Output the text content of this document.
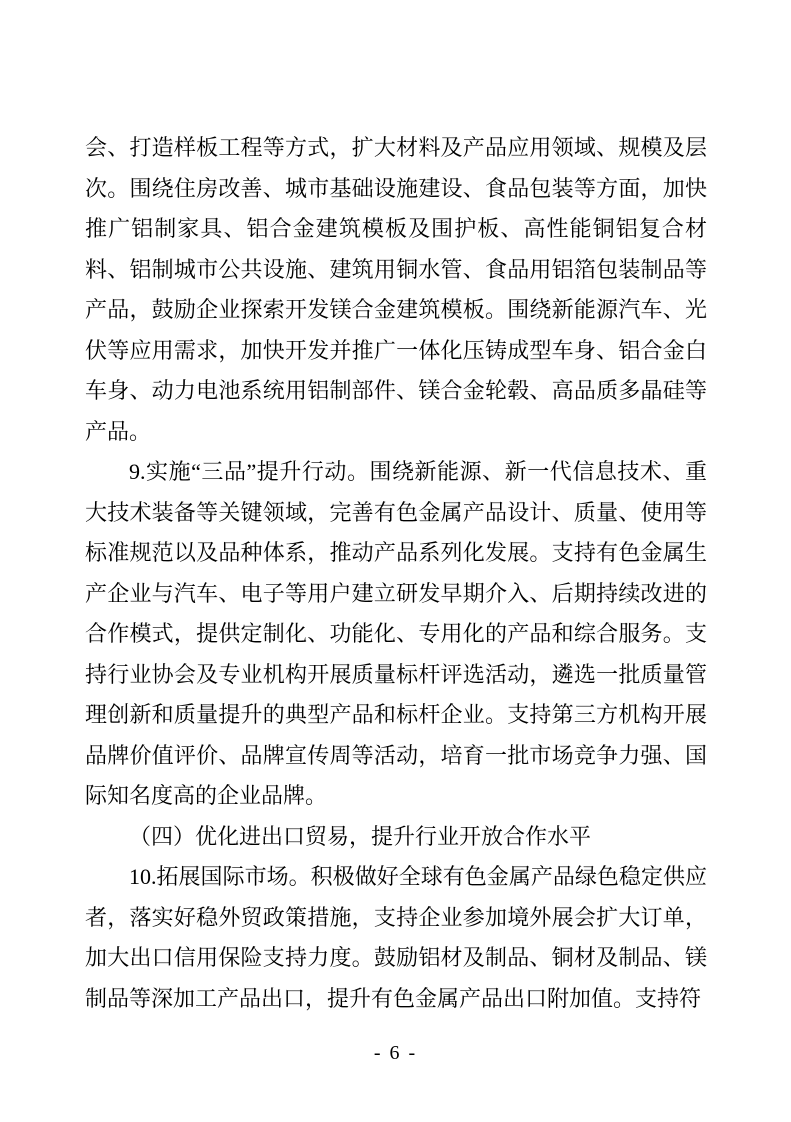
会、打造样板工程等方式，扩大材料及产品应用领域、规模及层次。围绕住房改善、城市基础设施建设、食品包装等方面，加快推广铝制家具、铝合金建筑模板及围护板、高性能铜铝复合材料、铝制城市公共设施、建筑用铜水管、食品用铝箔包装制品等产品，鼓励企业探索开发镁合金建筑模板。围绕新能源汽车、光伏等应用需求，加快开发并推广一体化压铸成型车身、铝合金白车身、动力电池系统用铝制部件、镁合金轮毂、高品质多晶硅等产品。

9.实施“三品”提升行动。围绕新能源、新一代信息技术、重大技术装备等关键领域，完善有色金属产品设计、质量、使用等标准规范以及品种体系，推动产品系列化发展。支持有色金属生产企业与汽车、电子等用户建立研发早期介入、后期持续改进的合作模式，提供定制化、功能化、专用化的产品和综合服务。支持行业协会及专业机构开展质量标杆评选活动，遴选一批质量管理创新和质量提升的典型产品和标杆企业。支持第三方机构开展品牌价值评价、品牌宣传周等活动，培育一批市场竞争力强、国际知名度高的企业品牌。

（四）优化进出口贸易，提升行业开放合作水平

10.拓展国际市场。积极做好全球有色金属产品绿色稳定供应者，落实好稳外贸政策措施，支持企业参加境外展会扩大订单，加大出口信用保险支持力度。鼓励铝材及制品、铜材及制品、镁制品等深加工产品出口，提升有色金属产品出口附加值。支持符

- 6 -
